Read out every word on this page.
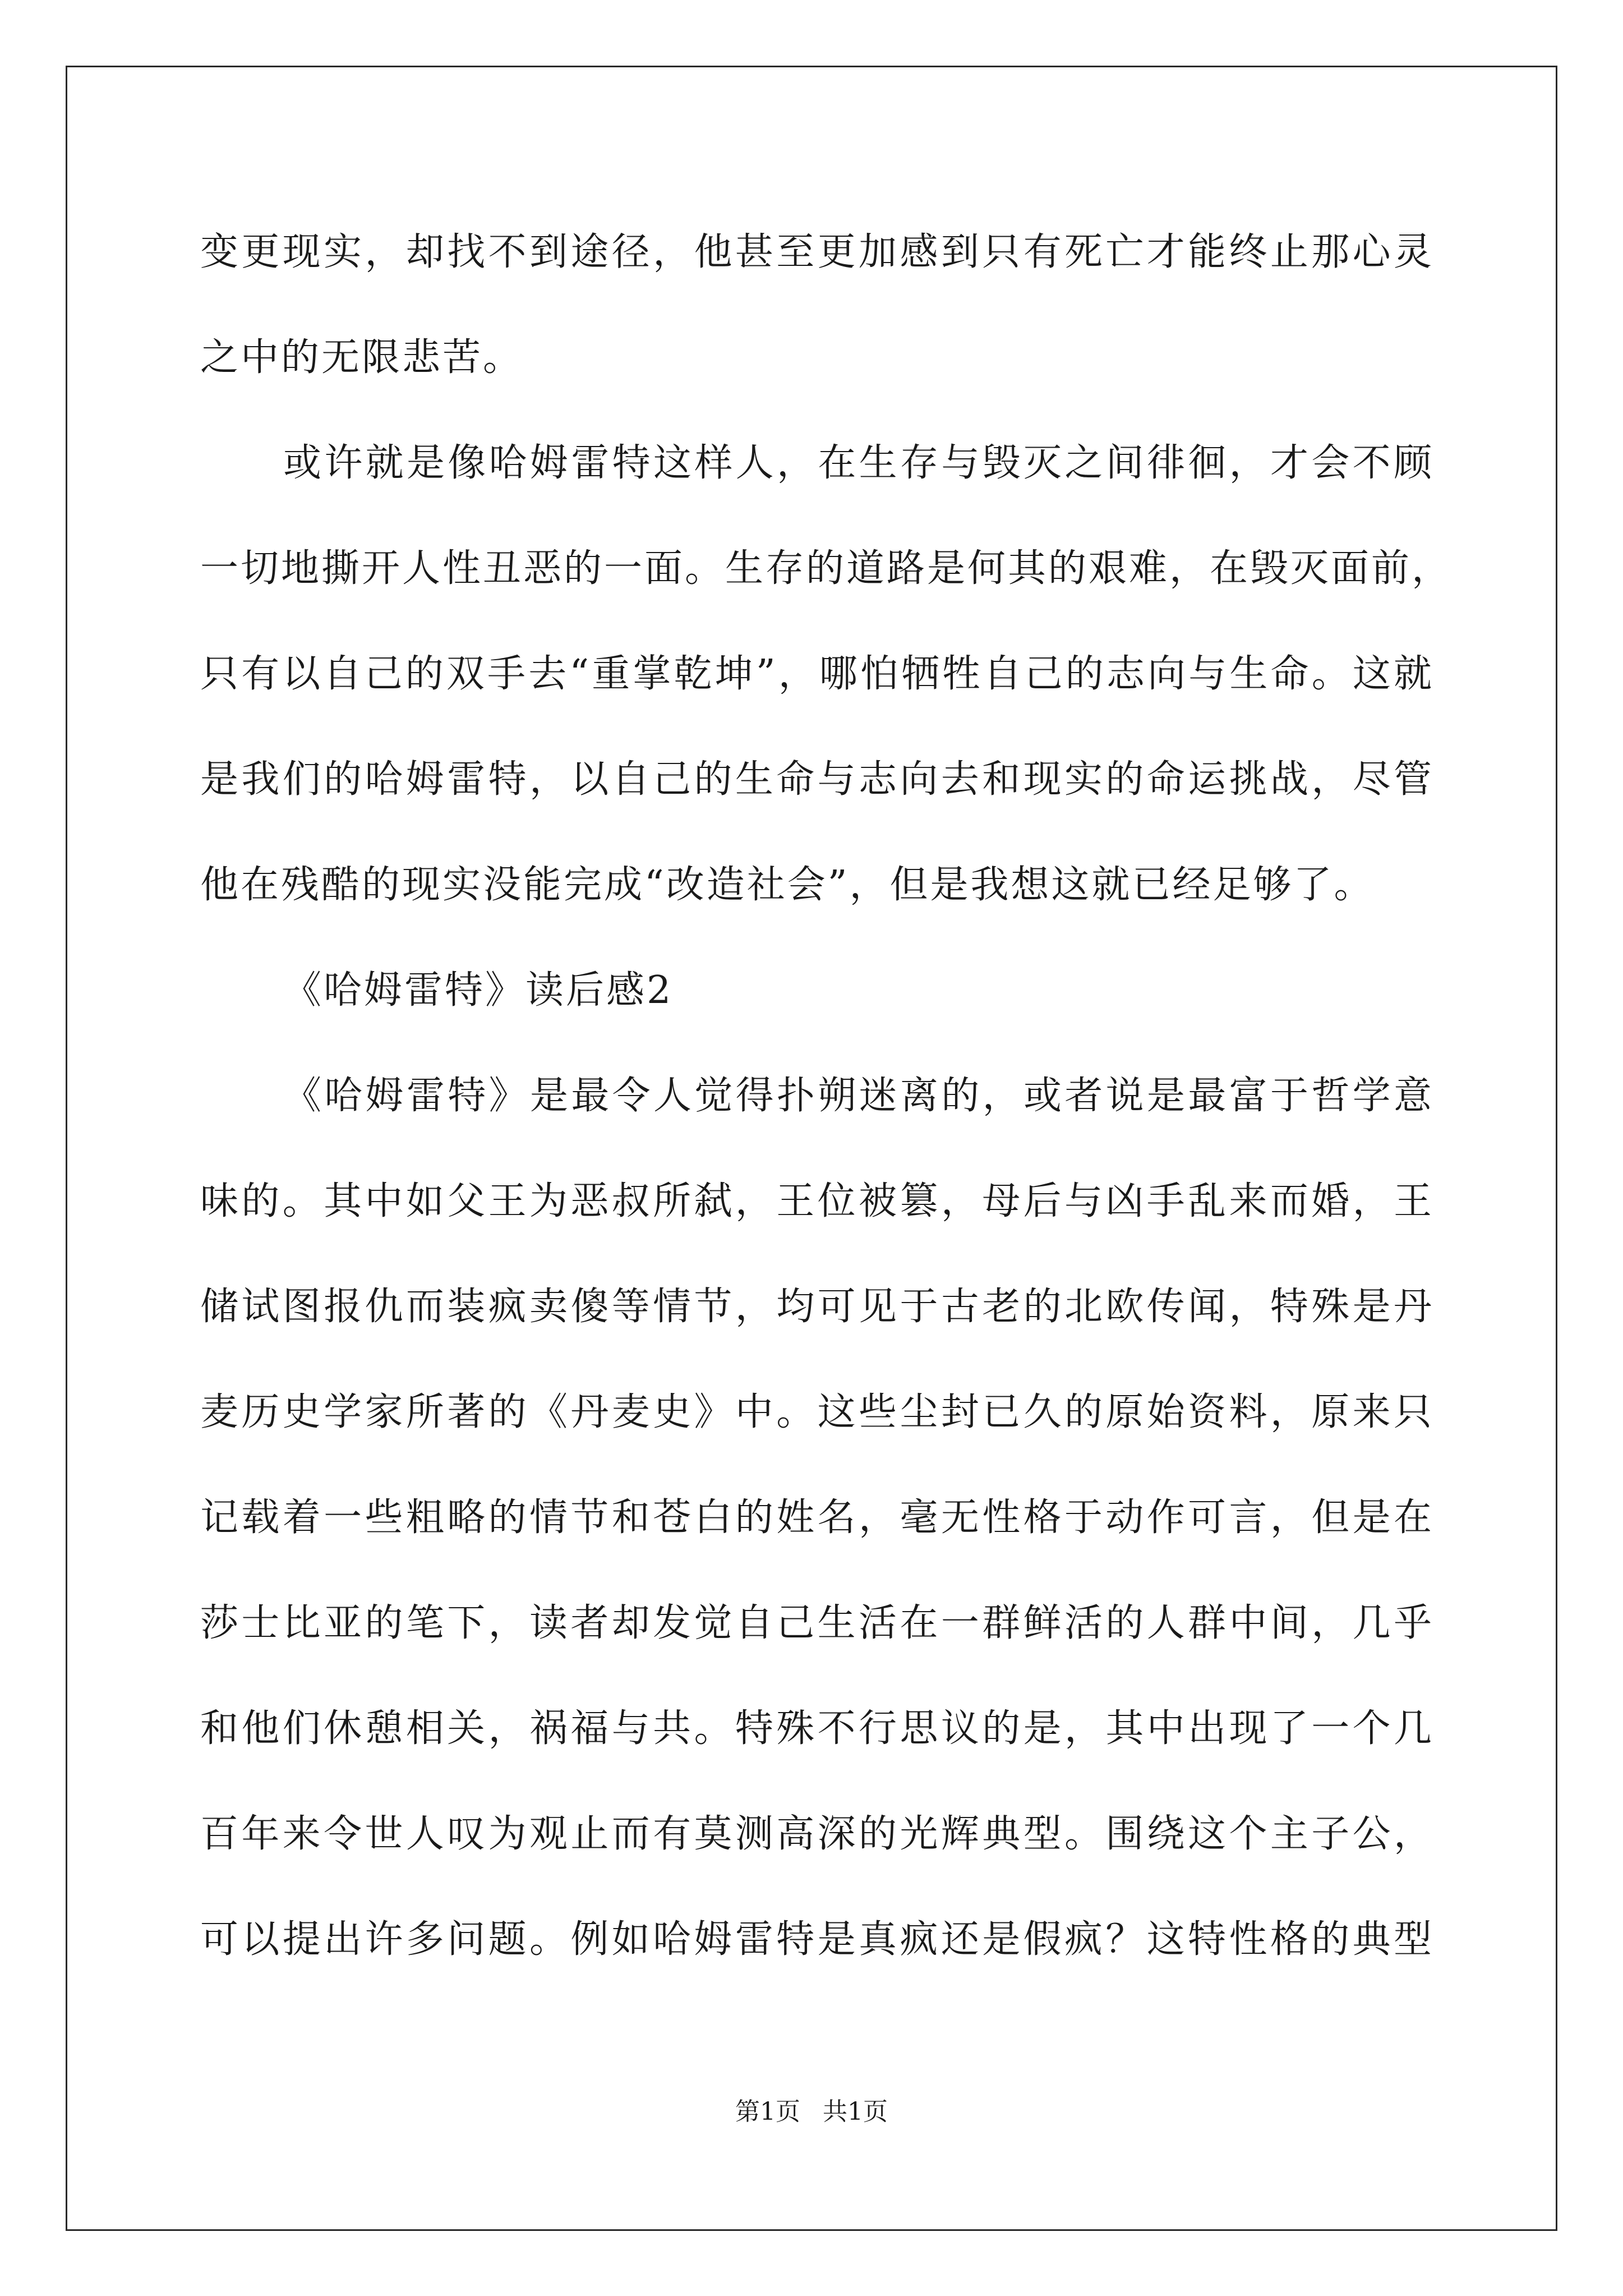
变更现实，却找不到途径，他甚至更加感到只有死亡才能终止那心灵
之中的无限悲苦。
或许就是像哈姆雷特这样人，在生存与毁灭之间徘徊，才会不顾
一切地撕开人性丑恶的一面。生存的道路是何其的艰难，在毁灭面前，
只有以自己的双手去“重掌乾坤”，哪怕牺牲自己的志向与生命。这就
是我们的哈姆雷特，以自己的生命与志向去和现实的命运挑战，尽管
他在残酷的现实没能完成“改造社会”，但是我想这就已经足够了。
《哈姆雷特》读后感2
《哈姆雷特》是最令人觉得扑朔迷离的，或者说是最富于哲学意
味的。其中如父王为恶叔所弑，王位被篡，母后与凶手乱来而婚，王
储试图报仇而装疯卖傻等情节，均可见于古老的北欧传闻，特殊是丹
麦历史学家所著的《丹麦史》中。这些尘封已久的原始资料，原来只
记载着一些粗略的情节和苍白的姓名，毫无性格于动作可言，但是在
莎士比亚的笔下，读者却发觉自己生活在一群鲜活的人群中间，几乎
和他们休憩相关，祸福与共。特殊不行思议的是，其中出现了一个几
百年来令世人叹为观止而有莫测高深的光辉典型。围绕这个主子公，
可以提出许多问题。例如哈姆雷特是真疯还是假疯？这特性格的典型
第1页 共1页
